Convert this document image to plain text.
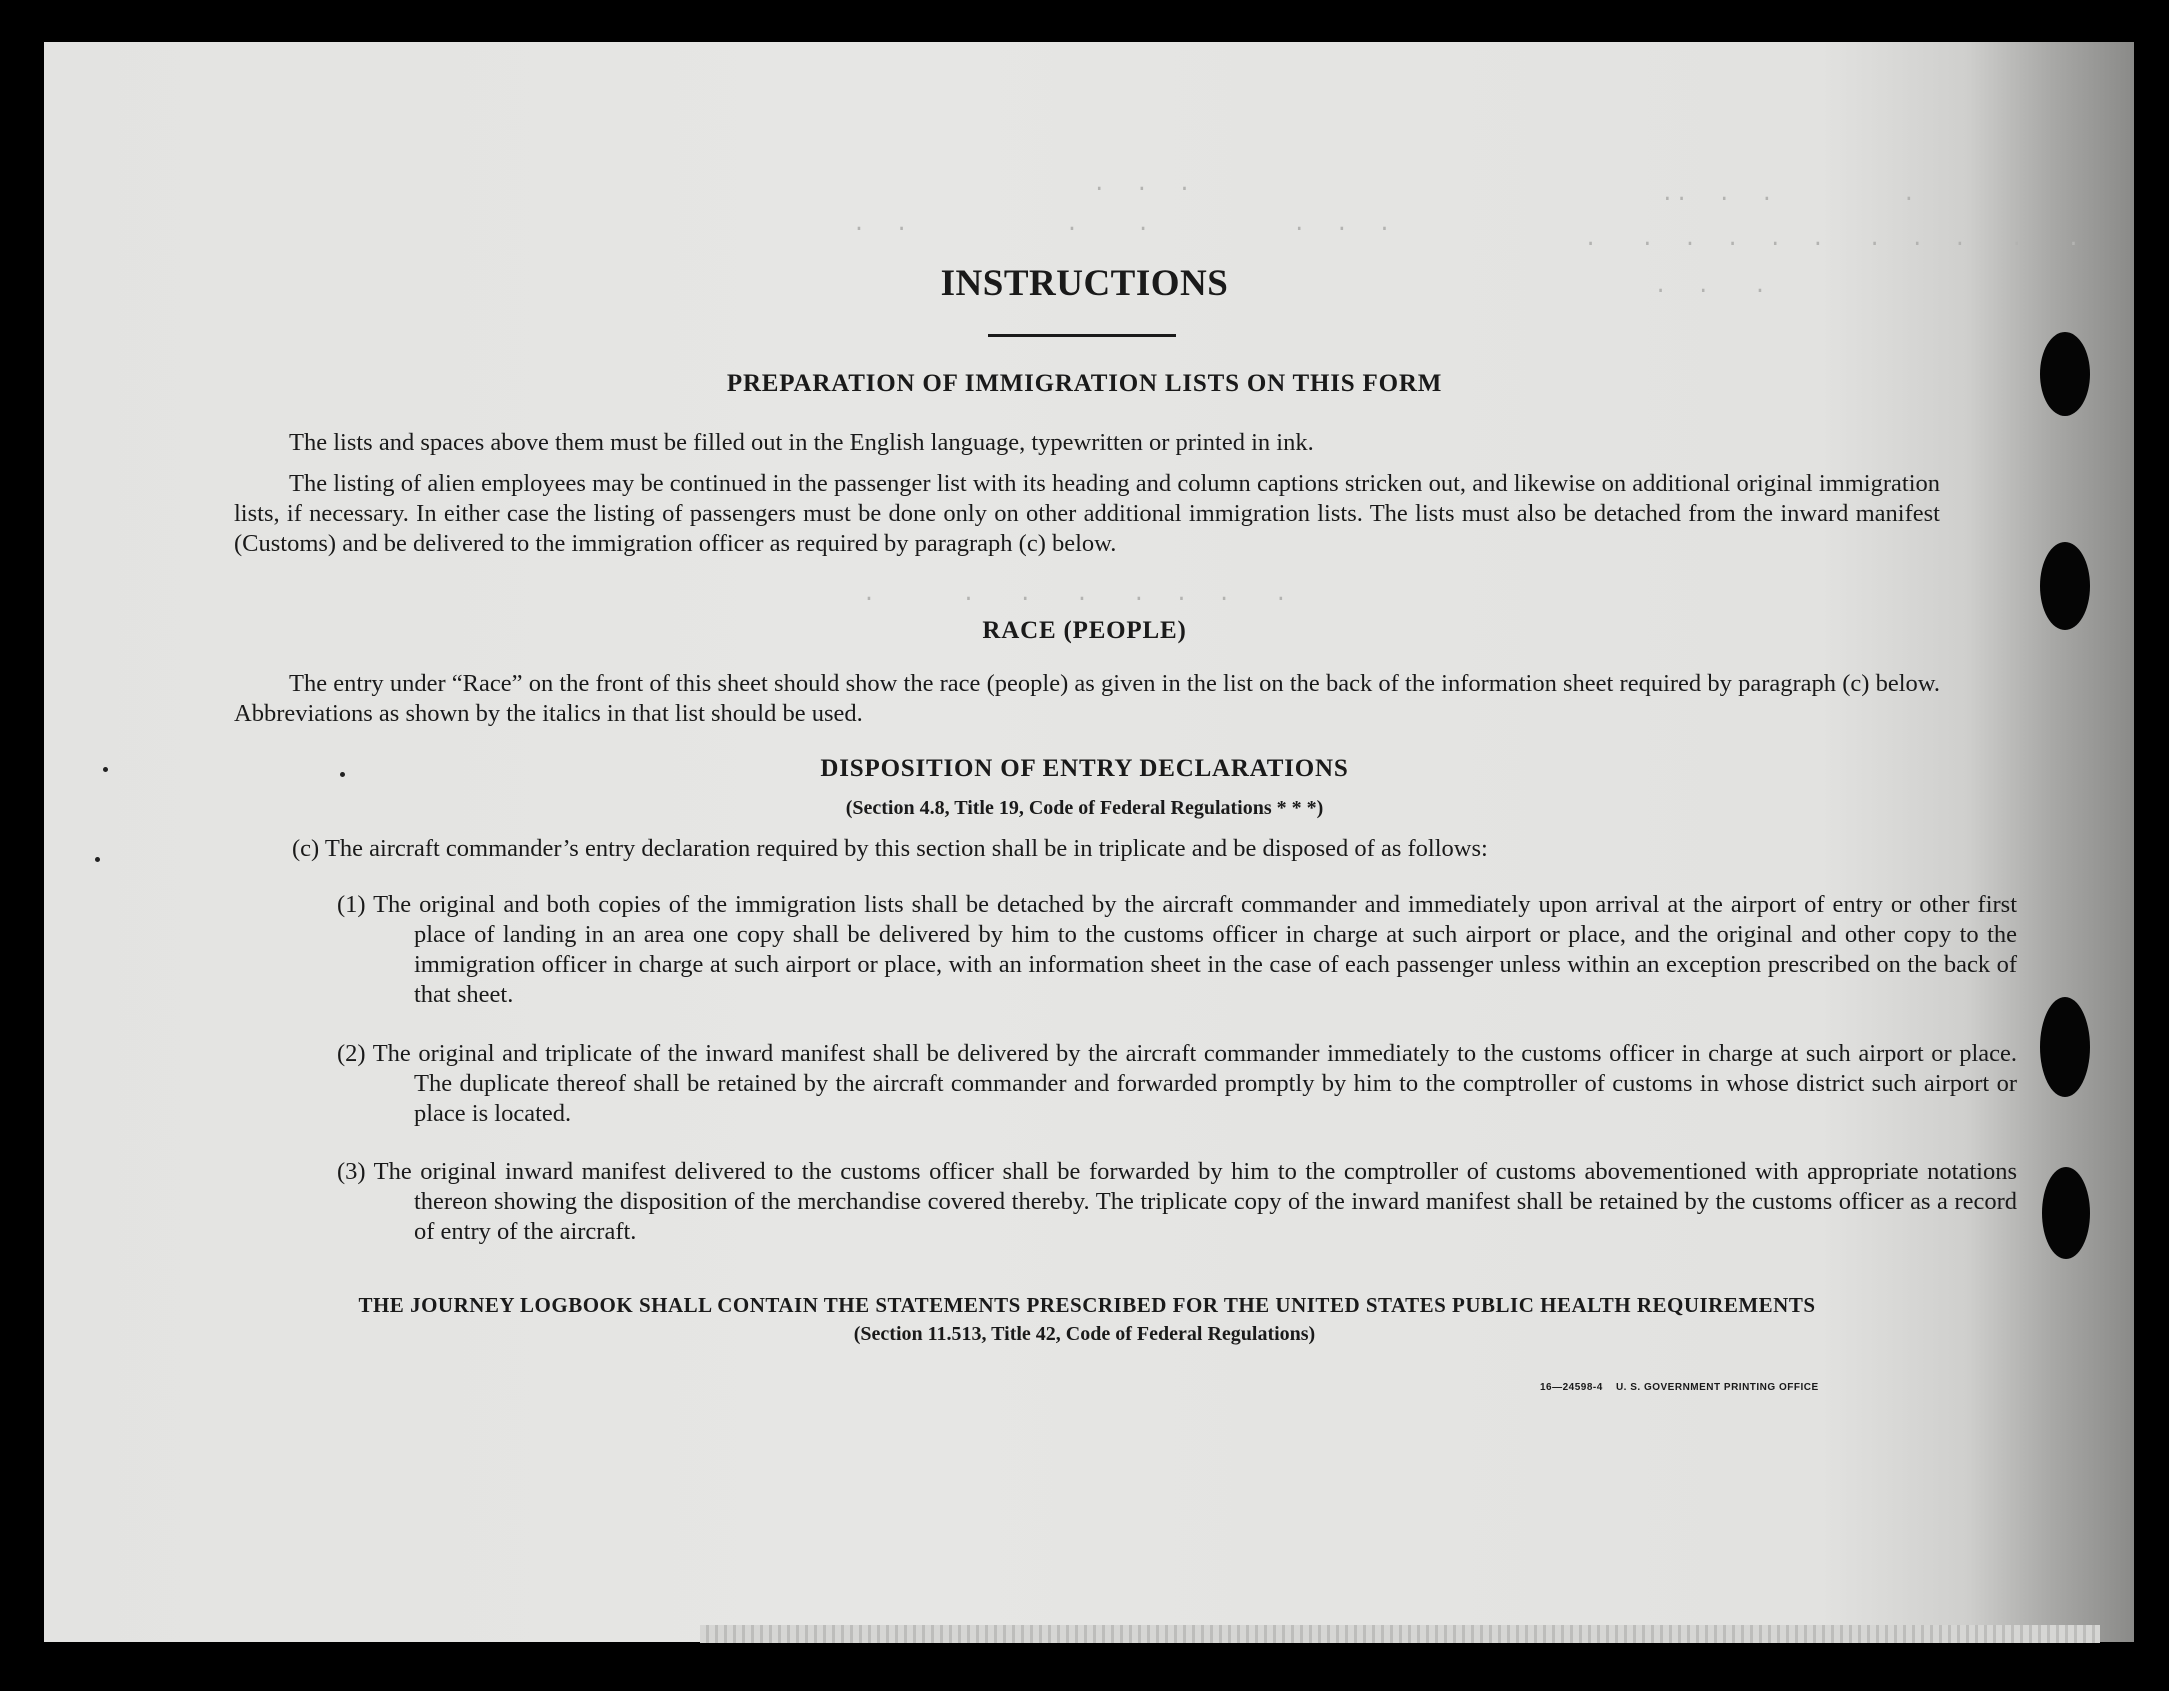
.  .  .	..  .  .         .
.  .           .    .          .  .  .
.   .  .  .  .  .   .  .  .   .   .
.  .   .
.      .   .   .   .  .  .   .
INSTRUCTIONS
PREPARATION OF IMMIGRATION LISTS ON THIS FORM
The lists and spaces above them must be filled out in the English language, typewritten or printed in ink.
The listing of alien employees may be continued in the passenger list with its heading and column captions stricken out, and likewise on additional original immigration lists, if necessary. In either case the listing of passengers must be done only on other additional immigration lists. The lists must also be detached from the inward manifest (Customs) and be delivered to the immigration officer as required by paragraph (c) below.
RACE (PEOPLE)
The entry under “Race” on the front of this sheet should show the race (people) as given in the list on the back of the information sheet required by paragraph (c) below. Abbreviations as shown by the italics in that list should be used.
DISPOSITION OF ENTRY DECLARATIONS
(Section 4.8, Title 19, Code of Federal Regulations * * *)
(c) The aircraft commander’s entry declaration required by this section shall be in triplicate and be disposed of as follows:
(1) The original and both copies of the immigration lists shall be detached by the aircraft commander and immediately upon arrival at the airport of entry or other first place of landing in an area one copy shall be delivered by him to the customs officer in charge at such airport or place, and the original and other copy to the immigration officer in charge at such airport or place, with an information sheet in the case of each passenger unless within an exception prescribed on the back of that sheet.
(2) The original and triplicate of the inward manifest shall be delivered by the aircraft commander immediately to the customs officer in charge at such airport or place. The duplicate thereof shall be retained by the aircraft commander and forwarded promptly by him to the comptroller of customs in whose district such airport or place is located.
(3) The original inward manifest delivered to the customs officer shall be forwarded by him to the comptroller of customs abovementioned with appropriate notations thereon showing the disposition of the merchandise covered thereby. The triplicate copy of the inward manifest shall be retained by the customs officer as a record of entry of the aircraft.
THE JOURNEY LOGBOOK SHALL CONTAIN THE STATEMENTS PRESCRIBED FOR THE UNITED STATES PUBLIC HEALTH REQUIREMENTS
(Section 11.513, Title 42, Code of Federal Regulations)
16—24598-4 U. S. GOVERNMENT PRINTING OFFICE
